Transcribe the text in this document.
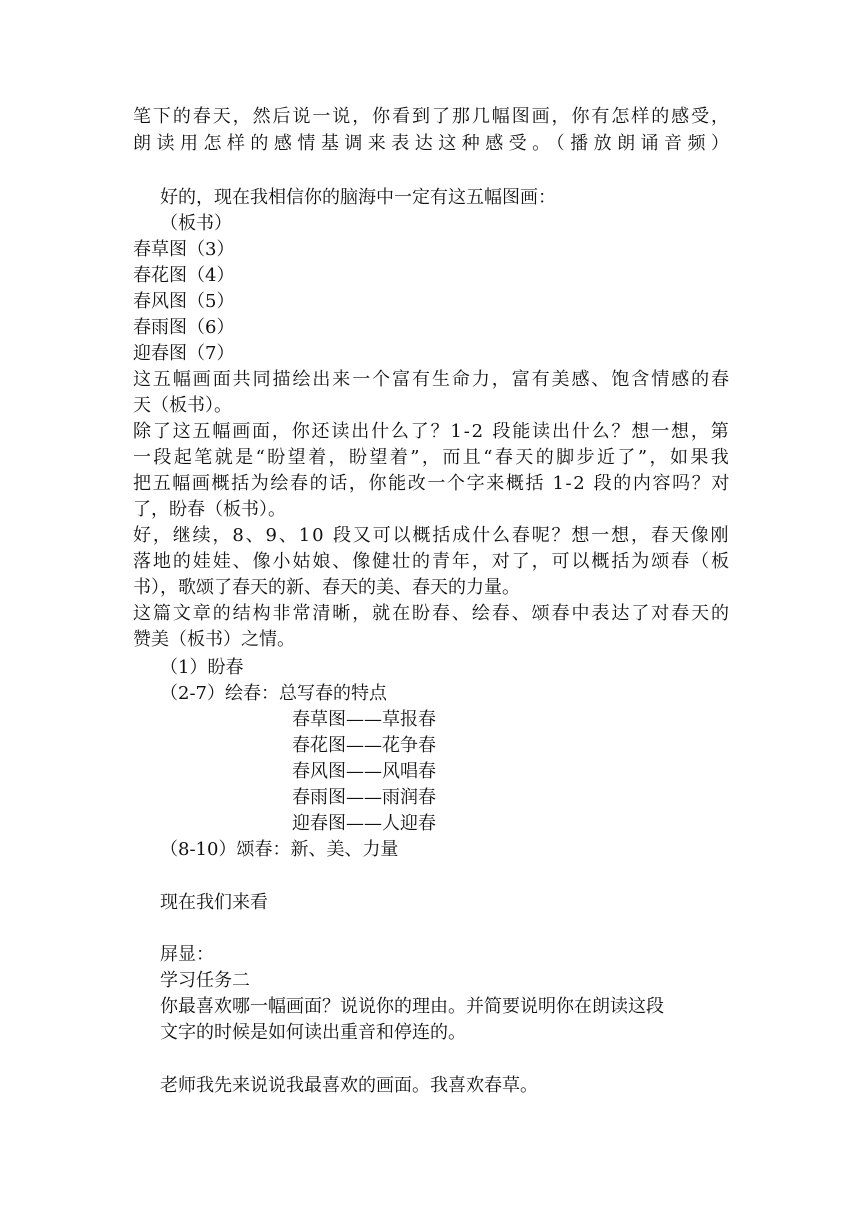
笔下的春天，然后说一说，你看到了那几幅图画，你有怎样的感受，
朗读用怎样的感情基调来表达这种感受。（播放朗诵音频）
好的，现在我相信你的脑海中一定有这五幅图画：
（板书）
春草图（3）
春花图（4）
春风图（5）
春雨图（6）
迎春图（7）
这五幅画面共同描绘出来一个富有生命力，富有美感、饱含情感的春
天（板书）。
除了这五幅画面，你还读出什么了？1-2 段能读出什么？想一想，第
一段起笔就是“盼望着，盼望着”，而且“春天的脚步近了”，如果我
把五幅画概括为绘春的话，你能改一个字来概括 1-2 段的内容吗？对
了，盼春（板书）。
好，继续，8、9、10 段又可以概括成什么春呢？想一想，春天像刚
落地的娃娃、像小姑娘、像健壮的青年，对了，可以概括为颂春（板
书），歌颂了春天的新、春天的美、春天的力量。
这篇文章的结构非常清晰，就在盼春、绘春、颂春中表达了对春天的
赞美（板书）之情。
（1）盼春
（2-7）绘春：总写春的特点
春草图——草报春
春花图——花争春
春风图——风唱春
春雨图——雨润春
迎春图——人迎春
（8-10）颂春：新、美、力量
现在我们来看
屏显：
学习任务二
你最喜欢哪一幅画面？说说你的理由。并简要说明你在朗读这段
文字的时候是如何读出重音和停连的。
老师我先来说说我最喜欢的画面。我喜欢春草。
